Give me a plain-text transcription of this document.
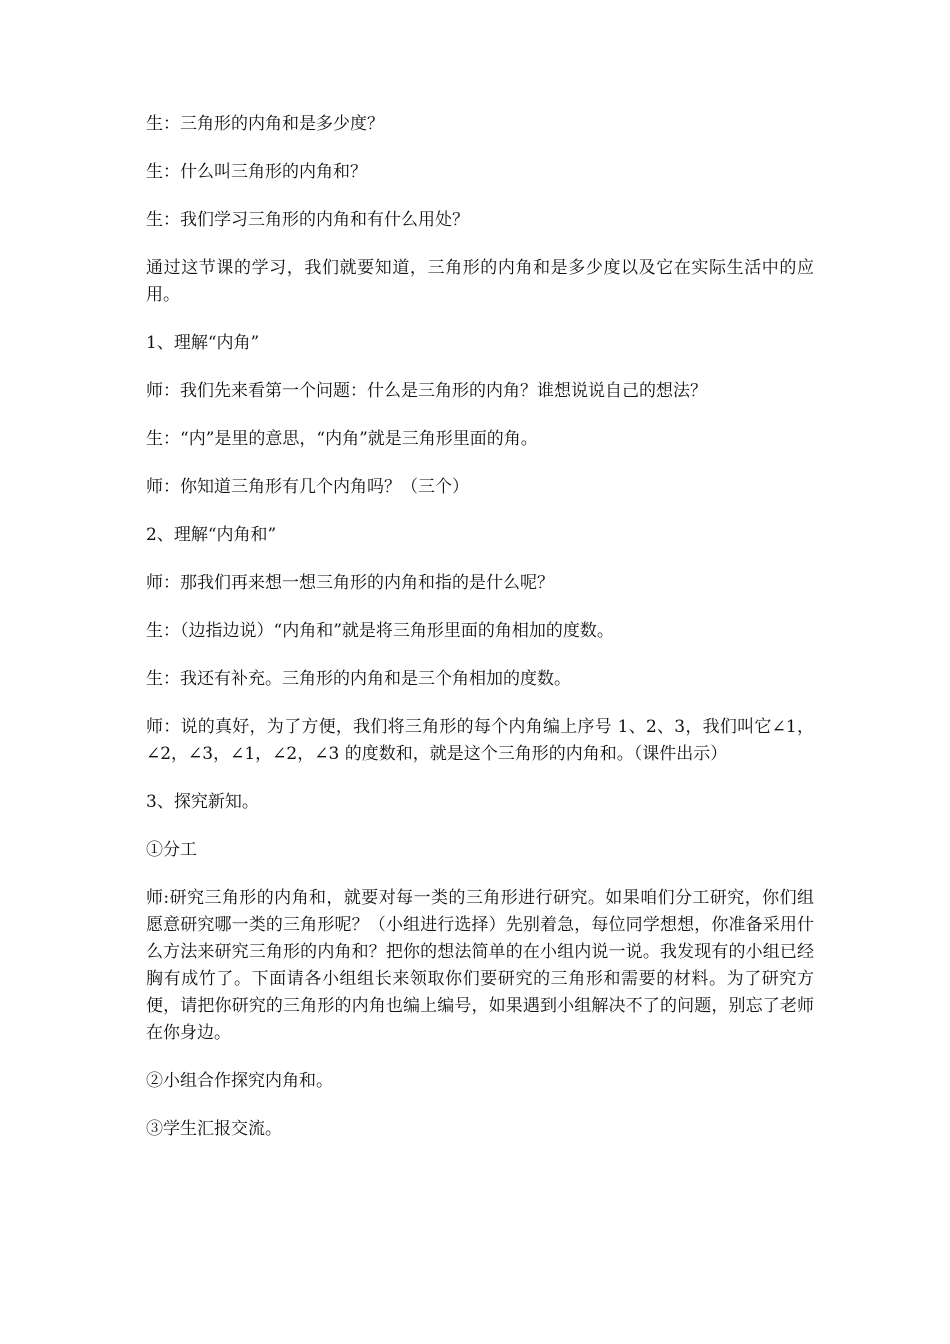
生：三角形的内角和是多少度？

生：什么叫三角形的内角和？

生：我们学习三角形的内角和有什么用处？

通过这节课的学习，我们就要知道，三角形的内角和是多少度以及它在实际生活中的应用。

1、理解“内角”

师：我们先来看第一个问题：什么是三角形的内角？谁想说说自己的想法？

生：“内”是里的意思，“内角”就是三角形里面的角。

师：你知道三角形有几个内角吗？（三个）

2、理解“内角和”

师：那我们再来想一想三角形的内角和指的是什么呢？

生：（边指边说）“内角和”就是将三角形里面的角相加的度数。

生：我还有补充。三角形的内角和是三个角相加的度数。

师：说的真好，为了方便，我们将三角形的每个内角编上序号 1、2、3，我们叫它∠1，∠2，∠3，∠1，∠2，∠3 的度数和，就是这个三角形的内角和。（课件出示）

3、探究新知。

①分工

师:研究三角形的内角和，就要对每一类的三角形进行研究。如果咱们分工研究，你们组愿意研究哪一类的三角形呢？（小组进行选择）先别着急，每位同学想想，你准备采用什么方法来研究三角形的内角和？把你的想法简单的在小组内说一说。我发现有的小组已经胸有成竹了。下面请各小组组长来领取你们要研究的三角形和需要的材料。为了研究方便，请把你研究的三角形的内角也编上编号，如果遇到小组解决不了的问题，别忘了老师在你身边。

②小组合作探究内角和。

③学生汇报交流。
